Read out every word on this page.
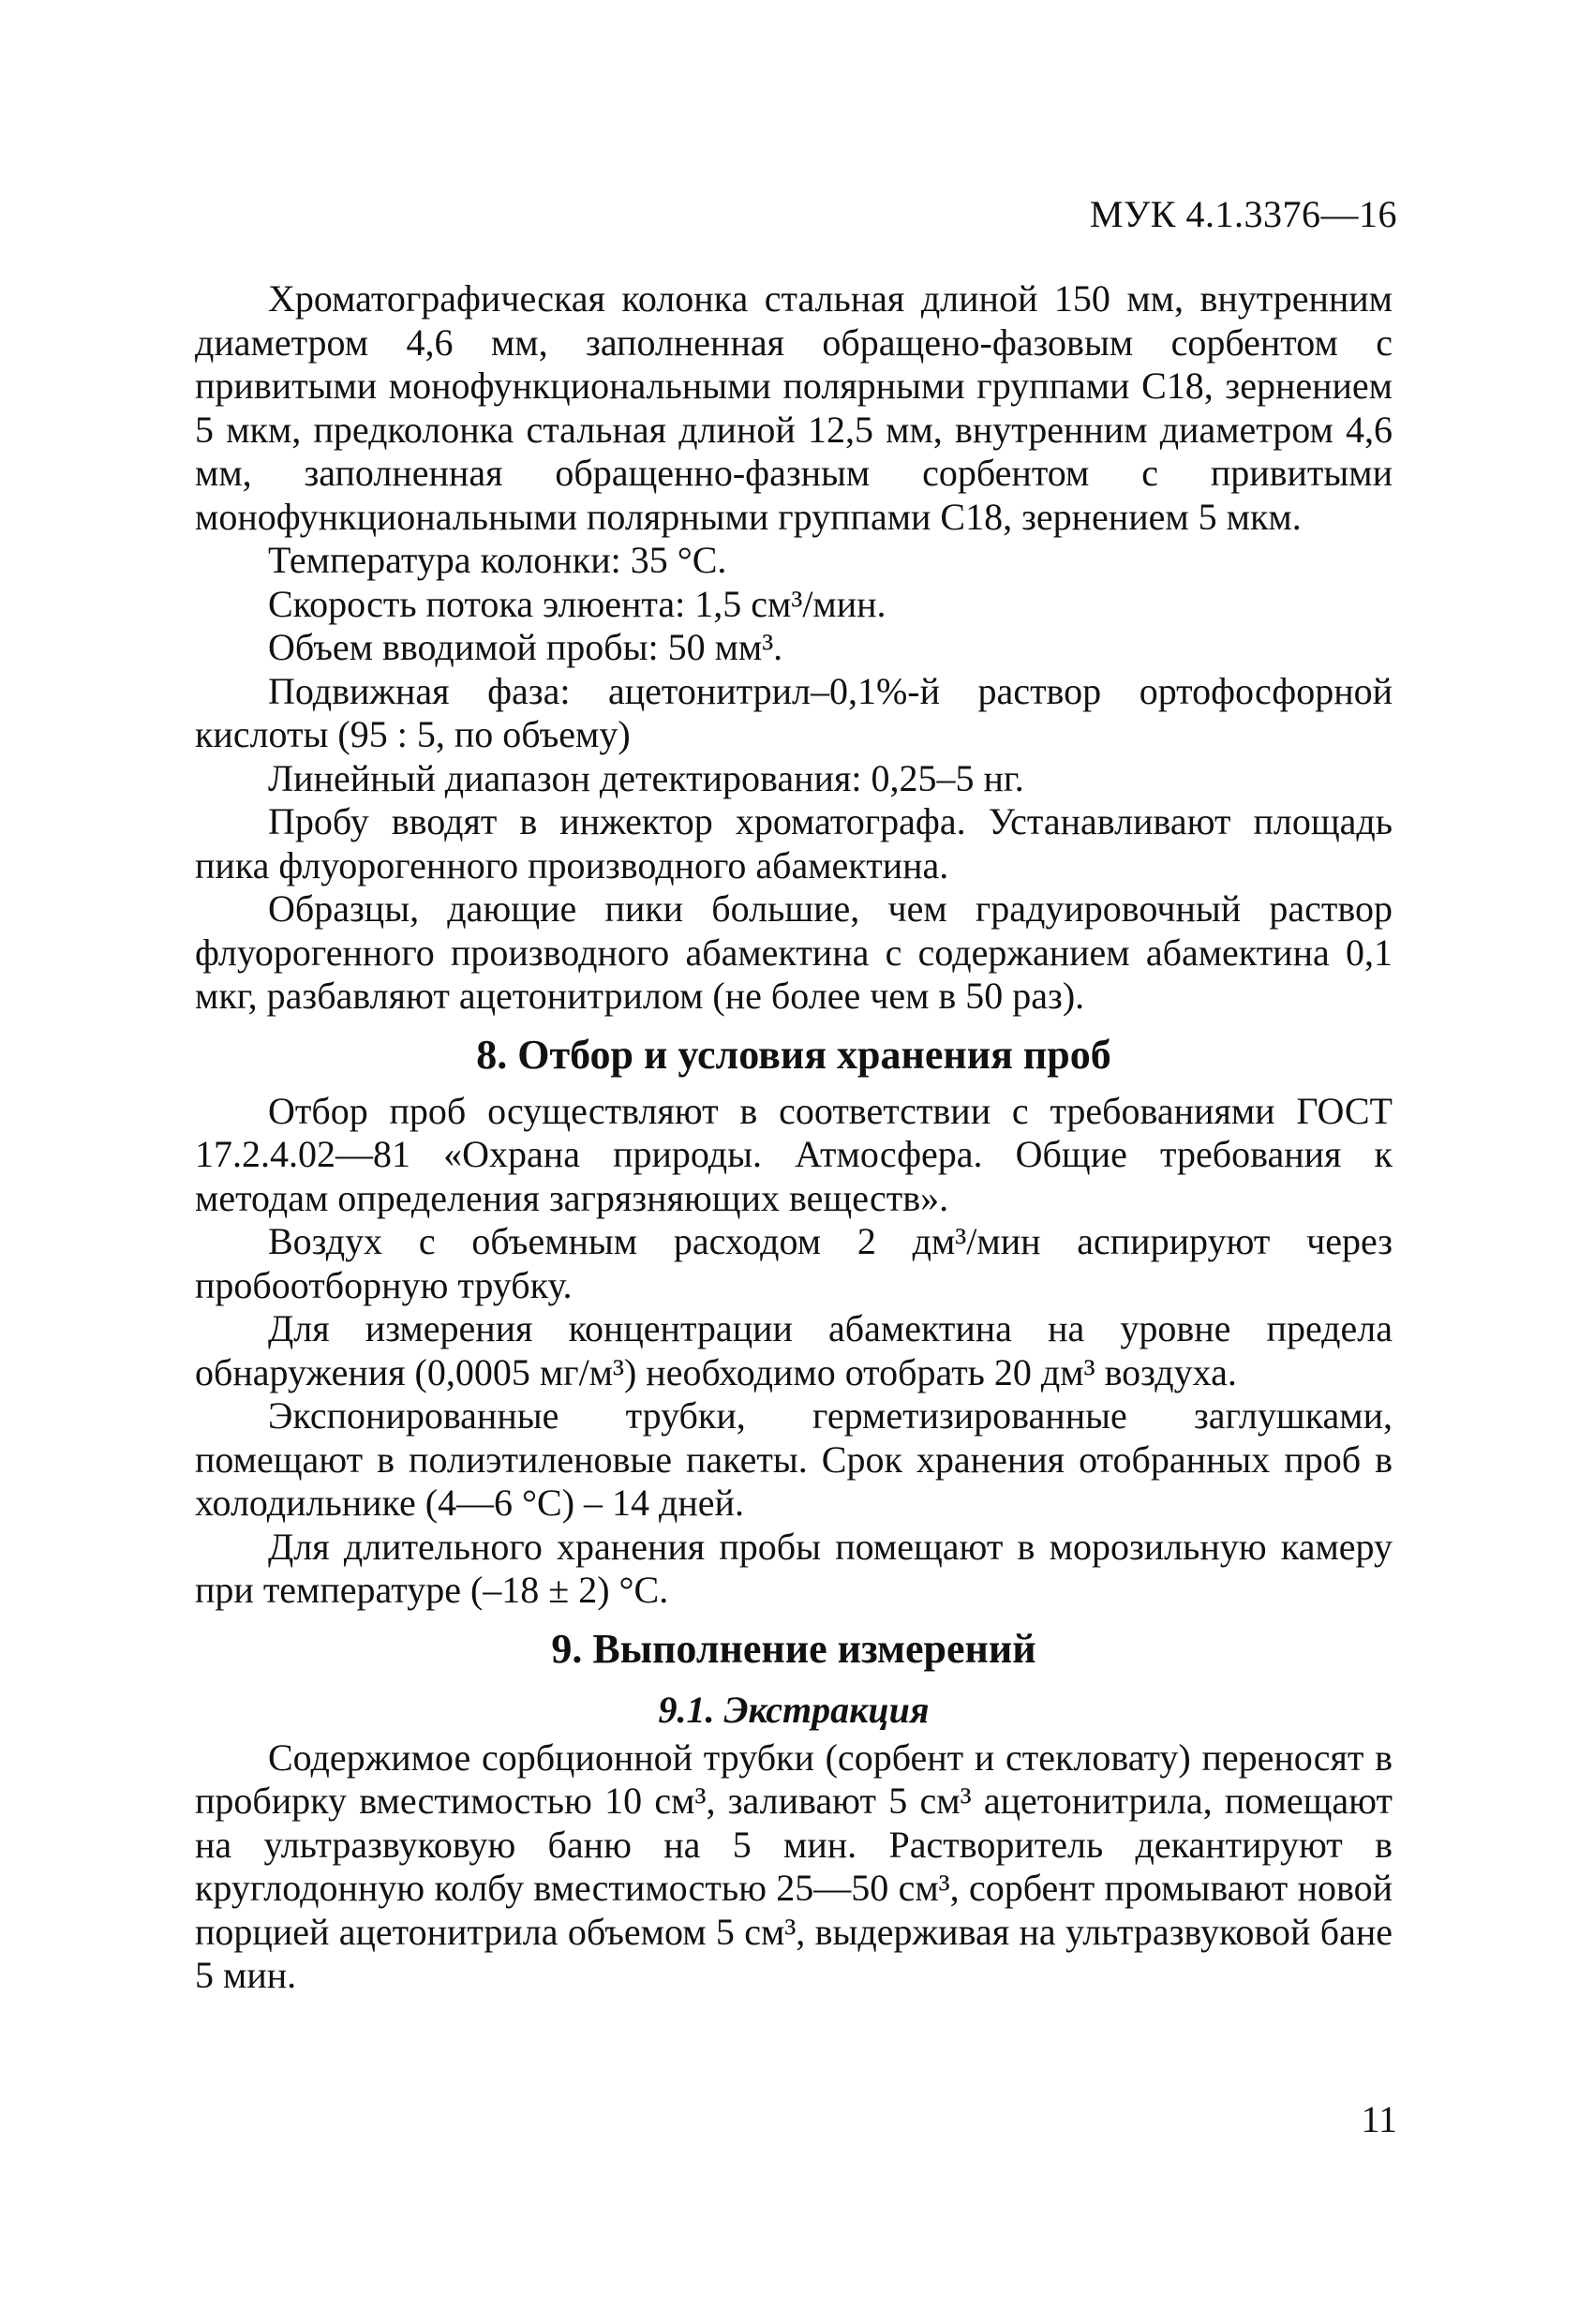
МУК 4.1.3376—16

Хроматографическая колонка стальная длиной 150 мм, внутренним диаметром 4,6 мм, заполненная обращено-фазовым сорбентом с привитыми монофункциональными полярными группами С18, зернением 5 мкм, предколонка стальная длиной 12,5 мм, внутренним диаметром 4,6 мм, заполненная обращенно-фазным сорбентом с привитыми монофункциональными полярными группами С18, зернением 5 мкм.

Температура колонки: 35 °С.

Скорость потока элюента: 1,5 см³/мин.

Объем вводимой пробы: 50 мм³.

Подвижная фаза: ацетонитрил–0,1%-й раствор ортофосфорной кислоты (95 : 5, по объему)

Линейный диапазон детектирования: 0,25–5 нг.

Пробу вводят в инжектор хроматографа. Устанавливают площадь пика флуорогенного производного абамектина.

Образцы, дающие пики большие, чем градуировочный раствор флуорогенного производного абамектина с содержанием абамектина 0,1 мкг, разбавляют ацетонитрилом (не более чем в 50 раз).

8. Отбор и условия хранения проб

Отбор проб осуществляют в соответствии с требованиями ГОСТ 17.2.4.02—81 «Охрана природы. Атмосфера. Общие требования к методам определения загрязняющих веществ».

Воздух с объемным расходом 2 дм³/мин аспирируют через пробоотборную трубку.

Для измерения концентрации абамектина на уровне предела обнаружения (0,0005 мг/м³) необходимо отобрать 20 дм³ воздуха.

Экспонированные трубки, герметизированные заглушками, помещают в полиэтиленовые пакеты. Срок хранения отобранных проб в холодильнике (4—6 °С) – 14 дней.

Для длительного хранения пробы помещают в морозильную камеру при температуре (–18 ± 2) °С.

9. Выполнение измерений
9.1. Экстракция

Содержимое сорбционной трубки (сорбент и стекловату) переносят в пробирку вместимостью 10 см³, заливают 5 см³ ацетонитрила, помещают на ультразвуковую баню на 5 мин. Растворитель декантируют в круглодонную колбу вместимостью 25—50 см³, сорбент промывают новой порцией ацетонитрила объемом 5 см³, выдерживая на ультразвуковой бане 5 мин.

11
